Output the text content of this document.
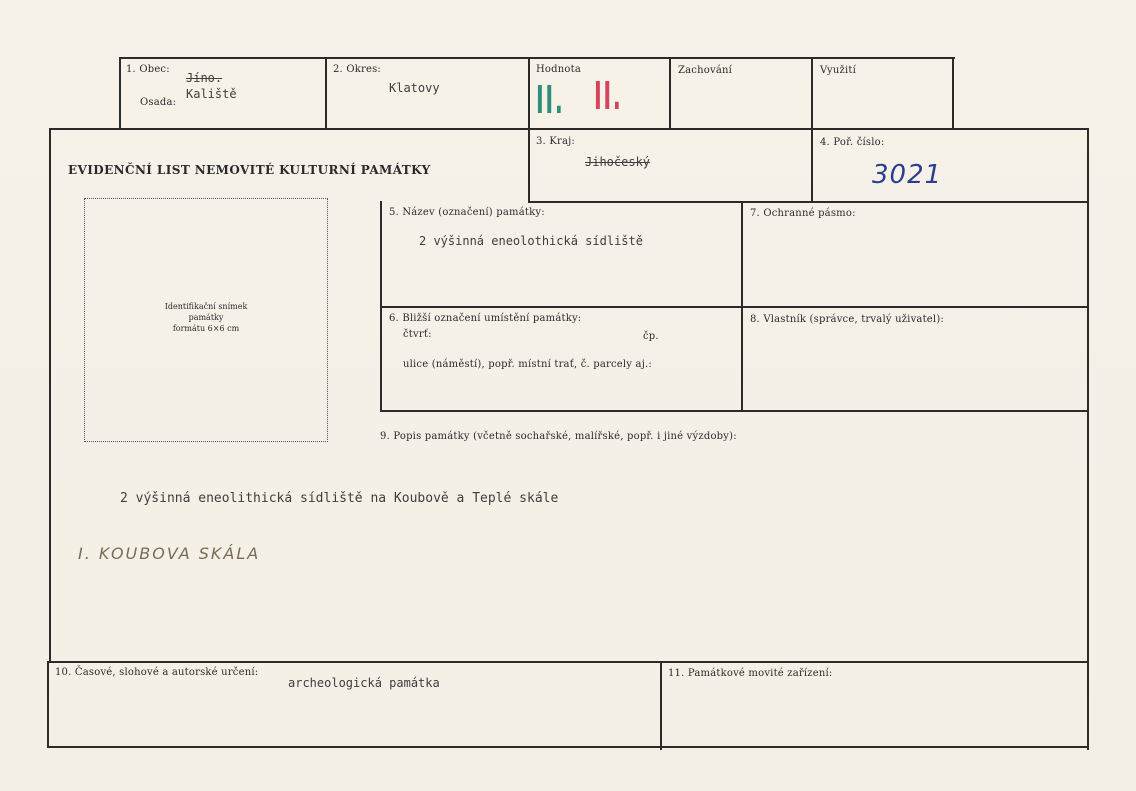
1. Obec:
Jíno.
Osada:
Kaliště
2. Okres:
Klatovy
Hodnota
II. II.
Zachování	Využití
EVIDENČNÍ LIST NEMOVITÉ KULTURNÍ PAMÁTKY
3. Kraj:
Jihočeský
4. Poř. číslo:
3021
Identifikační snímek
památky
formátu 6×6 cm
5. Název (označení) památky:
2 výšinná eneolothická sídliště
7. Ochranné pásmo:
6. Bližší označení umístění památky:
čtvrť:	čp.
ulice (náměstí), popř. místní trať, č. parcely aj.:
8. Vlastník (správce, trvalý uživatel):
9. Popis památky (včetně sochařské, malířské, popř. i jiné výzdoby):
2 výšinná eneolithická sídliště na Koubově a Teplé skále
I. KOUBOVA SKÁLA
10. Časové, slohové a autorské určení:
archeologická památka
11. Památkové movité zařízení:
